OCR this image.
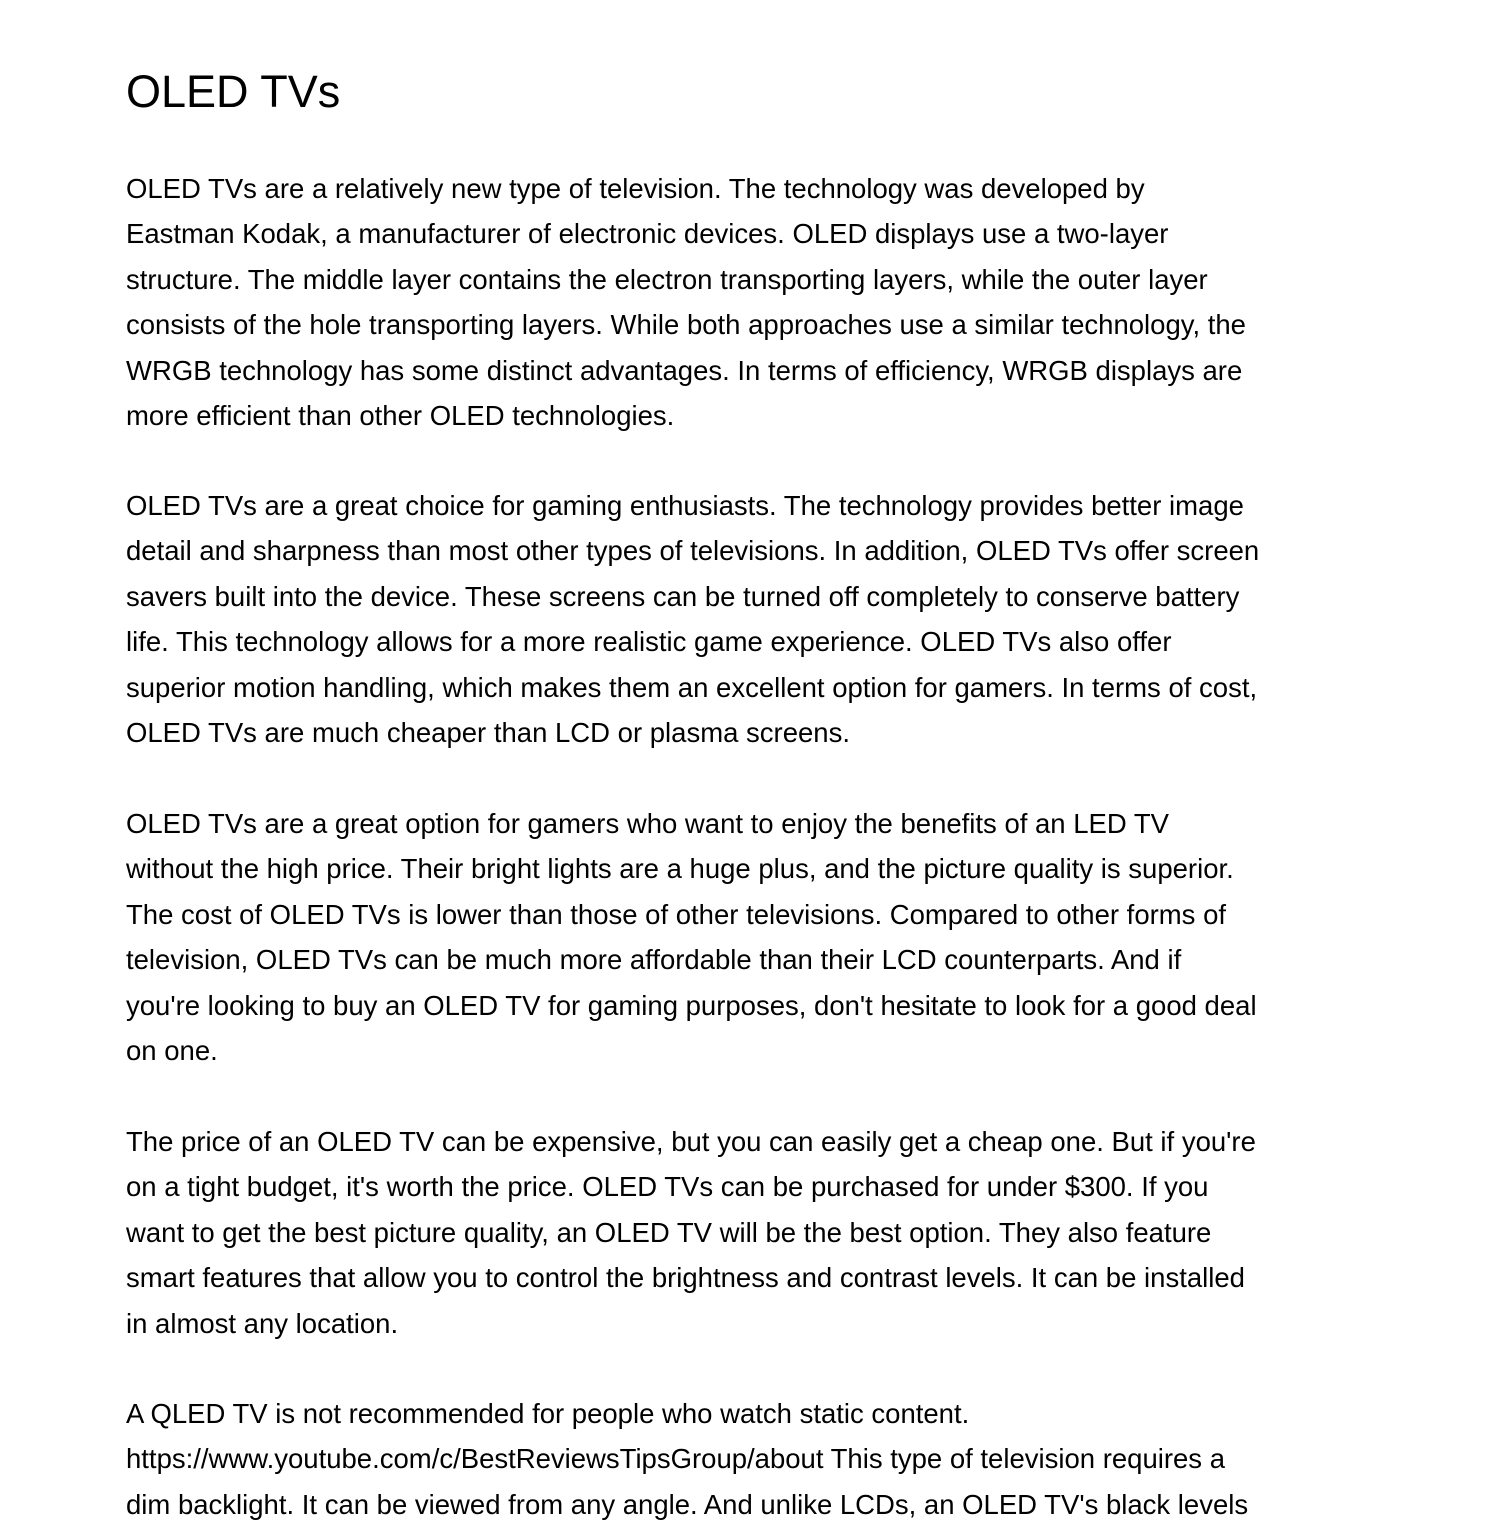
OLED TVs
OLED TVs are a relatively new type of television. The technology was developed by
Eastman Kodak, a manufacturer of electronic devices. OLED displays use a two-layer
structure. The middle layer contains the electron transporting layers, while the outer layer
consists of the hole transporting layers. While both approaches use a similar technology, the
WRGB technology has some distinct advantages. In terms of efficiency, WRGB displays are
more efficient than other OLED technologies.
OLED TVs are a great choice for gaming enthusiasts. The technology provides better image
detail and sharpness than most other types of televisions. In addition, OLED TVs offer screen
savers built into the device. These screens can be turned off completely to conserve battery
life. This technology allows for a more realistic game experience. OLED TVs also offer
superior motion handling, which makes them an excellent option for gamers. In terms of cost,
OLED TVs are much cheaper than LCD or plasma screens.
OLED TVs are a great option for gamers who want to enjoy the benefits of an LED TV
without the high price. Their bright lights are a huge plus, and the picture quality is superior.
The cost of OLED TVs is lower than those of other televisions. Compared to other forms of
television, OLED TVs can be much more affordable than their LCD counterparts. And if
you're looking to buy an OLED TV for gaming purposes, don't hesitate to look for a good deal
on one.
The price of an OLED TV can be expensive, but you can easily get a cheap one. But if you're
on a tight budget, it's worth the price. OLED TVs can be purchased for under $300. If you
want to get the best picture quality, an OLED TV will be the best option. They also feature
smart features that allow you to control the brightness and contrast levels. It can be installed
in almost any location.
A QLED TV is not recommended for people who watch static content.
https://www.youtube.com/c/BestReviewsTipsGroup/about This type of television requires a
dim backlight. It can be viewed from any angle. And unlike LCDs, an OLED TV's black levels
